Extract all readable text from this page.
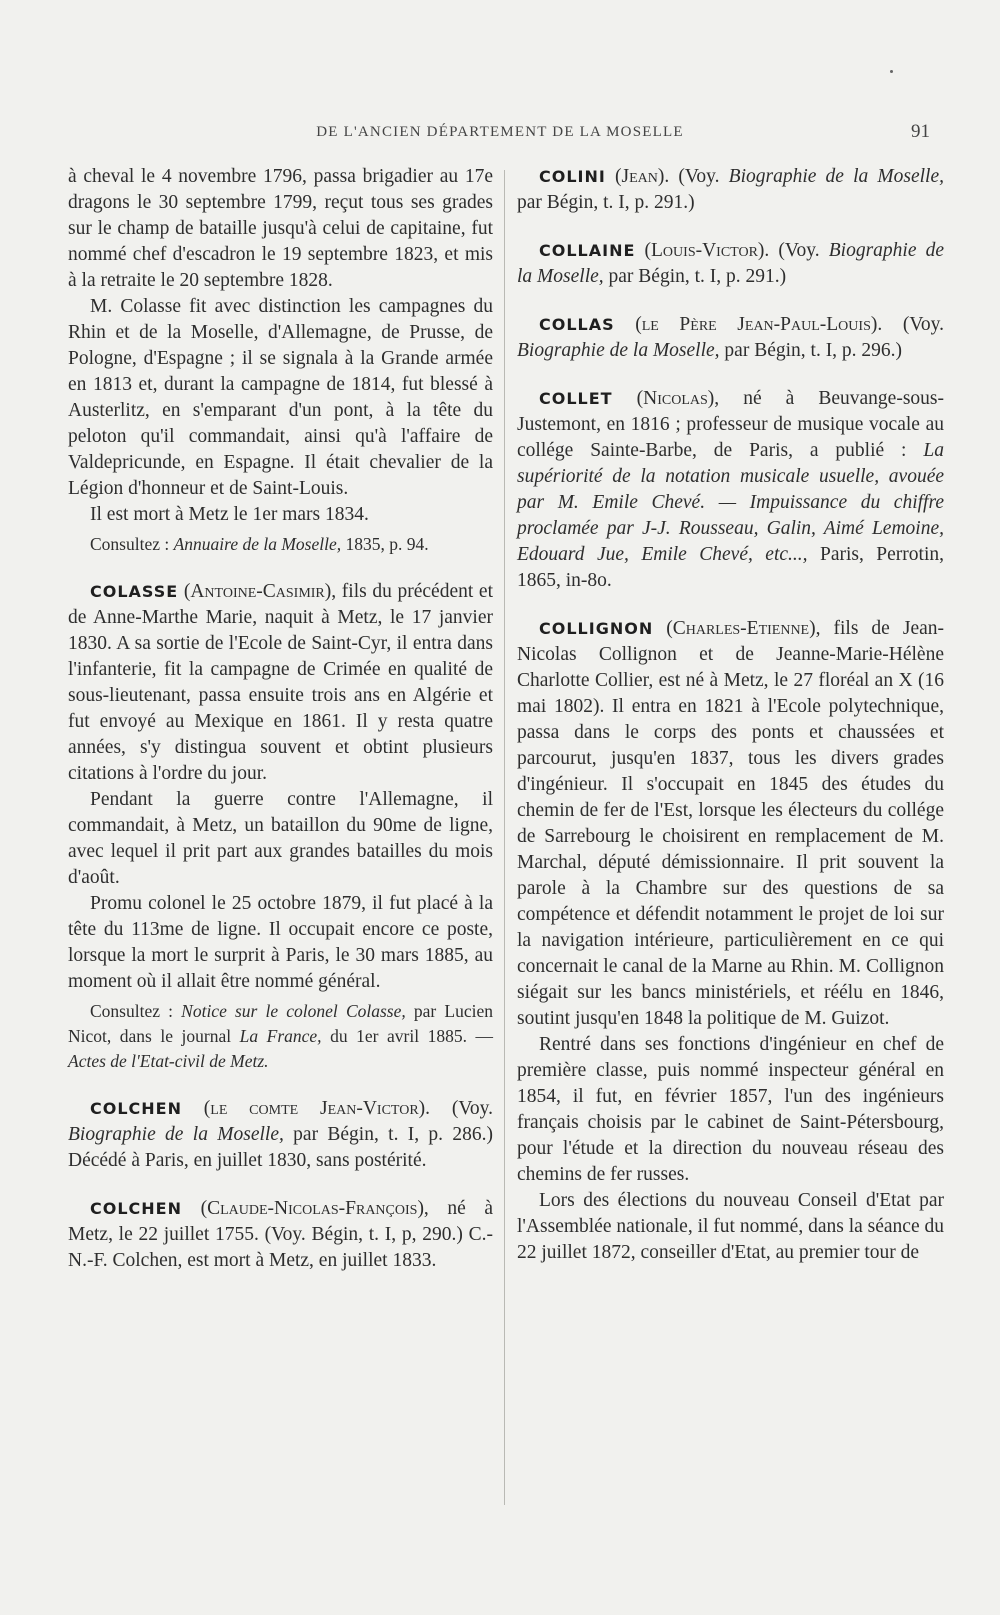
DE L'ANCIEN DÉPARTEMENT DE LA MOSELLE	91

à cheval le 4 novembre 1796, passa brigadier au 17e dragons le 30 septembre 1799, reçut tous ses grades sur le champ de bataille jusqu'à celui de capitaine, fut nommé chef d'escadron le 19 septembre 1823, et mis à la retraite le 20 septembre 1828.

M. Colasse fit avec distinction les campagnes du Rhin et de la Moselle, d'Allemagne, de Prusse, de Pologne, d'Espagne ; il se signala à la Grande armée en 1813 et, durant la campagne de 1814, fut blessé à Austerlitz, en s'emparant d'un pont, à la tête du peloton qu'il commandait, ainsi qu'à l'affaire de Valdepricunde, en Espagne. Il était chevalier de la Légion d'honneur et de Saint-Louis.

Il est mort à Metz le 1er mars 1834.

Consultez : Annuaire de la Moselle, 1835, p. 94.

COLASSE (Antoine-Casimir), fils du précédent et de Anne-Marthe Marie, naquit à Metz, le 17 janvier 1830. A sa sortie de l'Ecole de Saint-Cyr, il entra dans l'infanterie, fit la campagne de Crimée en qualité de sous-lieutenant, passa ensuite trois ans en Algérie et fut envoyé au Mexique en 1861. Il y resta quatre années, s'y distingua souvent et obtint plusieurs citations à l'ordre du jour.

Pendant la guerre contre l'Allemagne, il commandait, à Metz, un bataillon du 90me de ligne, avec lequel il prit part aux grandes batailles du mois d'août.

Promu colonel le 25 octobre 1879, il fut placé à la tête du 113me de ligne. Il occupait encore ce poste, lorsque la mort le surprit à Paris, le 30 mars 1885, au moment où il allait être nommé général.

Consultez : Notice sur le colonel Colasse, par Lucien Nicot, dans le journal La France, du 1er avril 1885. — Actes de l'Etat-civil de Metz.

COLCHEN (le comte Jean-Victor). (Voy. Biographie de la Moselle, par Bégin, t. I, p. 286.) Décédé à Paris, en juillet 1830, sans postérité.

COLCHEN (Claude-Nicolas-François), né à Metz, le 22 juillet 1755. (Voy. Bégin, t. I, p, 290.) C.-N.-F. Colchen, est mort à Metz, en juillet 1833.

COLINI (Jean). (Voy. Biographie de la Moselle, par Bégin, t. I, p. 291.)

COLLAINE (Louis-Victor). (Voy. Biographie de la Moselle, par Bégin, t. I, p. 291.)

COLLAS (le Père Jean-Paul-Louis). (Voy. Biographie de la Moselle, par Bégin, t. I, p. 296.)

COLLET (Nicolas), né à Beuvange-sous-Justemont, en 1816 ; professeur de musique vocale au collége Sainte-Barbe, de Paris, a publié : La supériorité de la notation musicale usuelle, avouée par M. Emile Chevé. — Impuissance du chiffre proclamée par J-J. Rousseau, Galin, Aimé Lemoine, Edouard Jue, Emile Chevé, etc..., Paris, Perrotin, 1865, in-8o.

COLLIGNON (Charles-Etienne), fils de Jean-Nicolas Collignon et de Jeanne-Marie-Hélène Charlotte Collier, est né à Metz, le 27 floréal an X (16 mai 1802). Il entra en 1821 à l'Ecole polytechnique, passa dans le corps des ponts et chaussées et parcourut, jusqu'en 1837, tous les divers grades d'ingénieur. Il s'occupait en 1845 des études du chemin de fer de l'Est, lorsque les électeurs du collége de Sarrebourg le choisirent en remplacement de M. Marchal, député démissionnaire. Il prit souvent la parole à la Chambre sur des questions de sa compétence et défendit notamment le projet de loi sur la navigation intérieure, particulièrement en ce qui concernait le canal de la Marne au Rhin. M. Collignon siégait sur les bancs ministériels, et réélu en 1846, soutint jusqu'en 1848 la politique de M. Guizot.

Rentré dans ses fonctions d'ingénieur en chef de première classe, puis nommé inspecteur général en 1854, il fut, en février 1857, l'un des ingénieurs français choisis par le cabinet de Saint-Pétersbourg, pour l'étude et la direction du nouveau réseau des chemins de fer russes.

Lors des élections du nouveau Conseil d'Etat par l'Assemblée nationale, il fut nommé, dans la séance du 22 juillet 1872, conseiller d'Etat, au premier tour de
